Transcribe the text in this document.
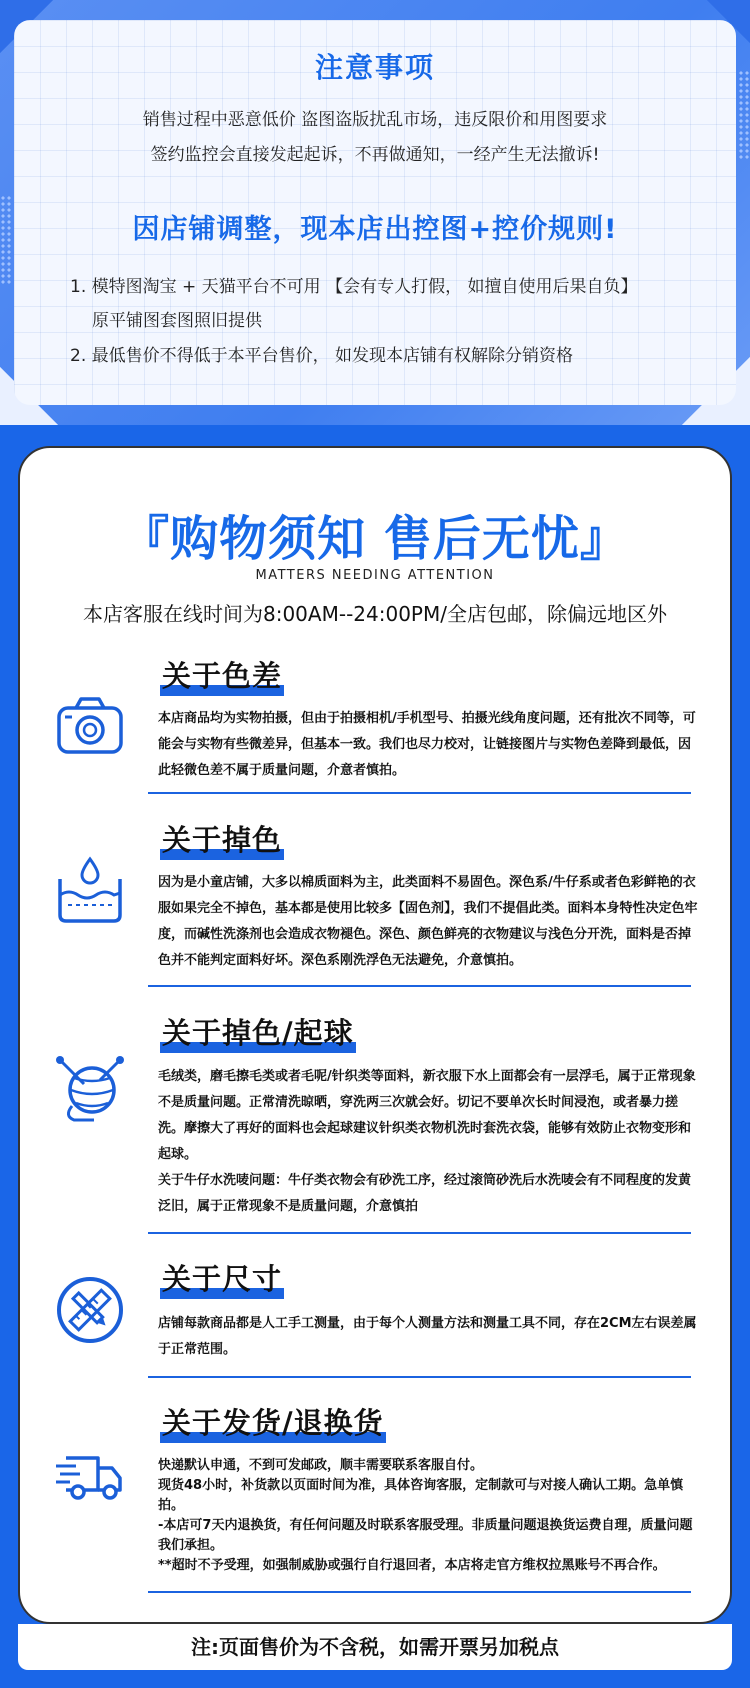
注意事项
销售过程中恶意低价 盗图盗版扰乱市场，违反限价和用图要求
签约监控会直接发起起诉，不再做通知，一经产生无法撤诉!
因店铺调整，现本店出控图+控价规则!
1. 模特图淘宝 + 天猫平台不可用 【会有专人打假， 如擅自使用后果自负】
原平铺图套图照旧提供
2. 最低售价不得低于本平台售价， 如发现本店铺有权解除分销资格
『购物须知 售后无忧』
MATTERS NEEDING ATTENTION
本店客服在线时间为8:00AM--24:00PM/全店包邮，除偏远地区外
关于色差

本店商品均为实物拍摄，但由于拍摄相机/手机型号、拍摄光线角度问题，还有批次不同等，可能会与实物有些微差异，但基本一致。我们也尽力校对，让链接图片与实物色差降到最低，因此轻微色差不属于质量问题，介意者慎拍。

关于掉色

因为是小童店铺，大多以棉质面料为主，此类面料不易固色。深色系/牛仔系或者色彩鲜艳的衣服如果完全不掉色，基本都是使用比较多【固色剂】，我们不提倡此类。面料本身特性决定色牢度，而碱性洗涤剂也会造成衣物褪色。深色、颜色鲜亮的衣物建议与浅色分开洗，面料是否掉色并不能判定面料好坏。深色系刚洗浮色无法避免，介意慎拍。

关于掉色/起球

毛绒类，磨毛擦毛类或者毛呢/针织类等面料，新衣服下水上面都会有一层浮毛，属于正常现象不是质量问题。正常清洗晾晒，穿洗两三次就会好。切记不要单次长时间浸泡，或者暴力搓洗。摩擦大了再好的面料也会起球建议针织类衣物机洗时套洗衣袋，能够有效防止衣物变形和起球。

关于牛仔水洗唛问题：牛仔类衣物会有砂洗工序，经过滚筒砂洗后水洗唛会有不同程度的发黄泛旧，属于正常现象不是质量问题，介意慎拍

关于尺寸

店铺每款商品都是人工手工测量，由于每个人测量方法和测量工具不同，存在2CM左右误差属于正常范围。

关于发货/退换货

快递默认申通，不到可发邮政，顺丰需要联系客服自付。

现货48小时，补货款以页面时间为准，具体咨询客服，定制款可与对接人确认工期。急单慎拍。

-本店可7天内退换货，有任何问题及时联系客服受理。非质量问题退换货运费自理，质量问题我们承担。

**超时不予受理，如强制威胁或强行自行退回者，本店将走官方维权拉黑账号不再合作。

注:页面售价为不含税，如需开票另加税点
